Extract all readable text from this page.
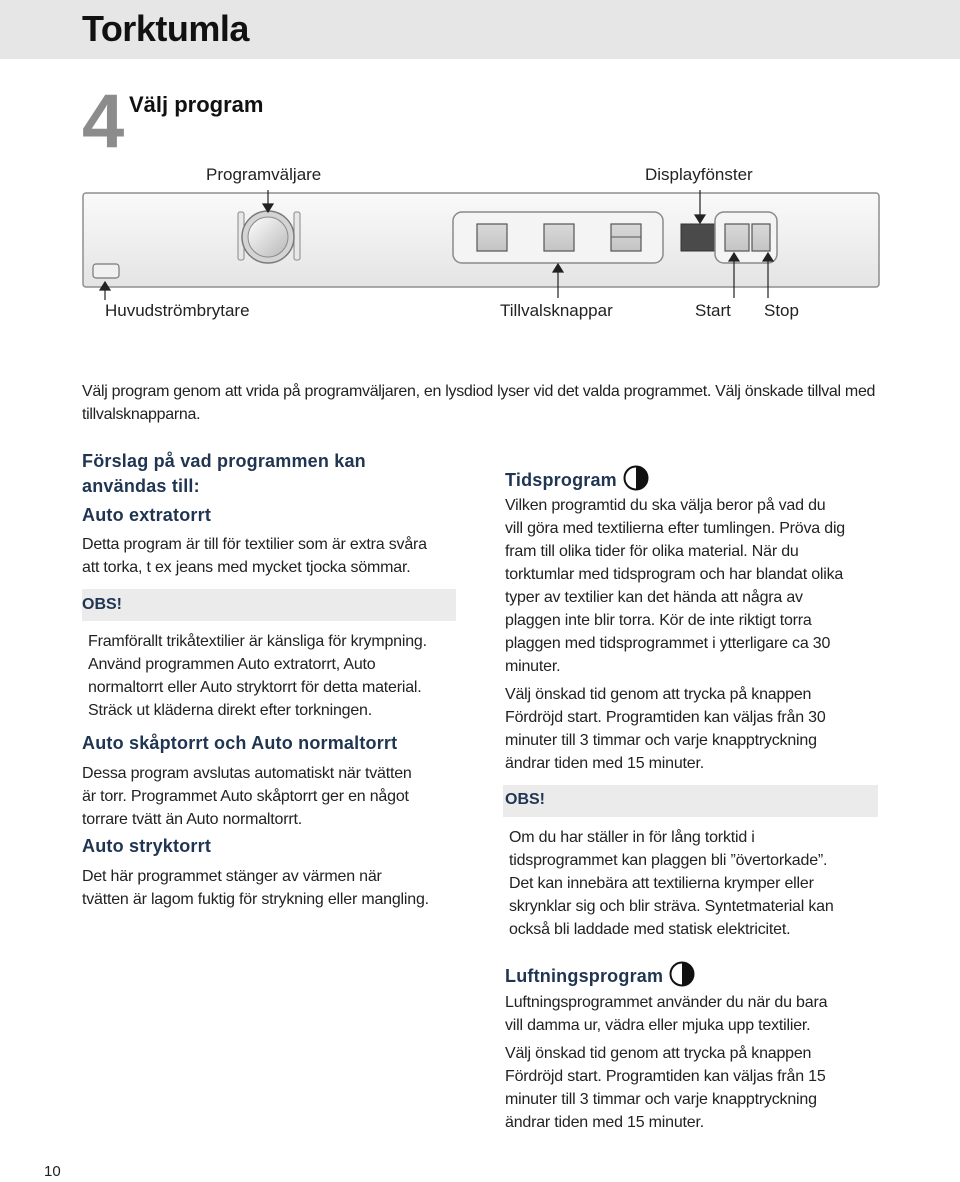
Torktumla
4 Välj program
Programväljare	Displayfönster
Huvudströmbrytare	Tillvalsknappar	Start Stop
Välj program genom att vrida på programväljaren, en lysdiod lyser vid det valda programmet. Välj önskade tillval med tillvalsknapparna.
Förslag på vad programmen kan
användas till:
Auto extratorrt
Detta program är till för textilier som är extra svåra
att torka, t ex jeans med mycket tjocka sömmar.
OBS!
Framförallt trikåtextilier är känsliga för krympning.
Använd programmen Auto extratorrt, Auto
normaltorrt eller Auto stryktorrt för detta material.
Sträck ut kläderna direkt efter torkningen.
Auto skåptorrt och Auto normaltorrt
Dessa program avslutas automatiskt när tvätten
är torr. Programmet Auto skåptorrt ger en något
torrare tvätt än Auto normaltorrt.
Auto stryktorrt
Det här programmet stänger av värmen när
tvätten är lagom fuktig för strykning eller mangling.
Tidsprogram
Vilken programtid du ska välja beror på vad du
vill göra med textilierna efter tumlingen. Pröva dig
fram till olika tider för olika material. När du
torktumlar med tidsprogram och har blandat olika
typer av textilier kan det hända att några av
plaggen inte blir torra. Kör de inte riktigt torra
plaggen med tidsprogrammet i ytterligare ca 30
minuter.
Välj önskad tid genom att trycka på knappen
Fördröjd start. Programtiden kan väljas från 30
minuter till 3 timmar och varje knapptryckning
ändrar tiden med 15 minuter.
OBS!
Om du har ställer in för lång torktid i
tidsprogrammet kan plaggen bli ”övertorkade”.
Det kan innebära att textilierna krymper eller
skrynklar sig och blir sträva. Syntetmaterial kan
också bli laddade med statisk elektricitet.
Luftningsprogram
Luftningsprogrammet använder du när du bara
vill damma ur, vädra eller mjuka upp textilier.
Välj önskad tid genom att trycka på knappen
Fördröjd start. Programtiden kan väljas från 15
minuter till 3 timmar och varje knapptryckning
ändrar tiden med 15 minuter.
10
